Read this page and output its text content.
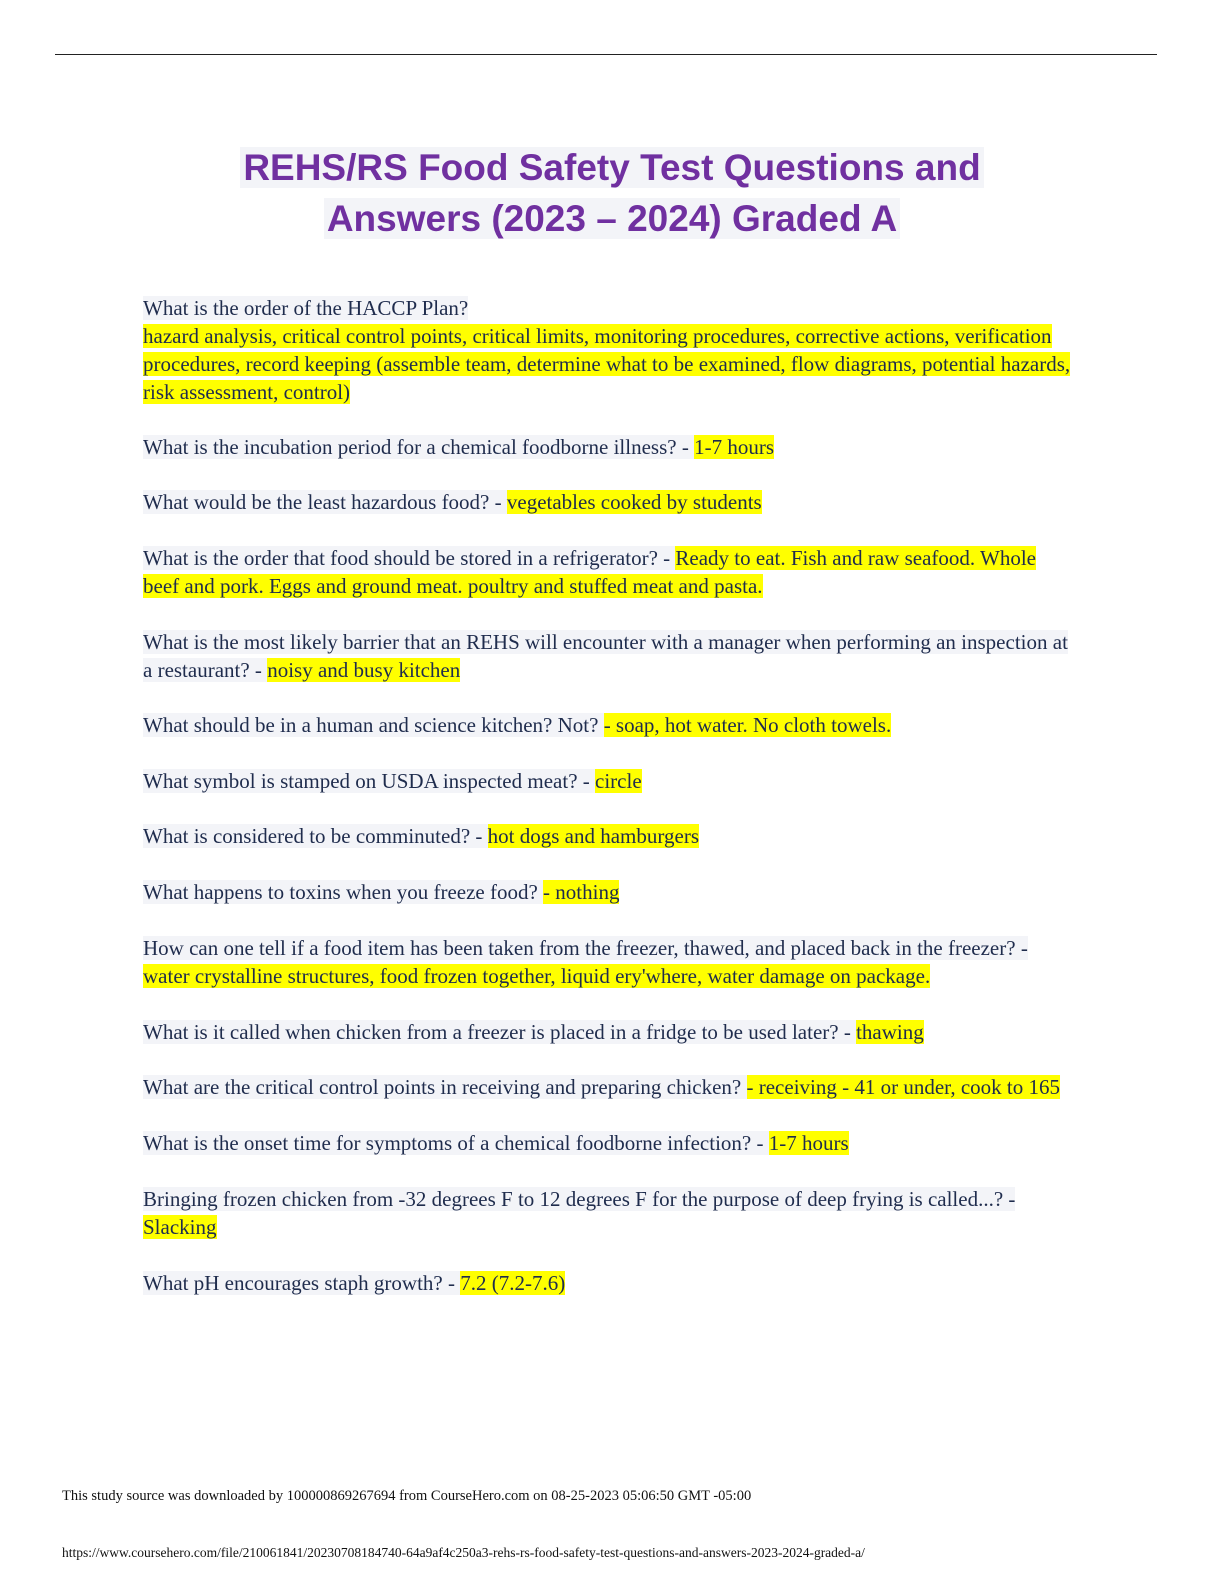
REHS/RS Food Safety Test Questions and
Answers (2023 – 2024) Graded A

What is the order of the HACCP Plan?
hazard analysis, critical control points, critical limits, monitoring procedures, corrective actions, verification procedures, record keeping (assemble team, determine what to be examined, flow diagrams, potential hazards, risk assessment, control)

What is the incubation period for a chemical foodborne illness? - 1-7 hours

What would be the least hazardous food? - vegetables cooked by students

What is the order that food should be stored in a refrigerator? - Ready to eat. Fish and raw seafood. Whole beef and pork. Eggs and ground meat. poultry and stuffed meat and pasta.

What is the most likely barrier that an REHS will encounter with a manager when performing an inspection at a restaurant? - noisy and busy kitchen

What should be in a human and science kitchen? Not? - soap, hot water. No cloth towels.

What symbol is stamped on USDA inspected meat? - circle

What is considered to be comminuted? - hot dogs and hamburgers

What happens to toxins when you freeze food? - nothing

How can one tell if a food item has been taken from the freezer, thawed, and placed back in the freezer? - water crystalline structures, food frozen together, liquid ery'where, water damage on package.

What is it called when chicken from a freezer is placed in a fridge to be used later? - thawing

What are the critical control points in receiving and preparing chicken? - receiving - 41 or under, cook to 165

What is the onset time for symptoms of a chemical foodborne infection? - 1-7 hours

Bringing frozen chicken from -32 degrees F to 12 degrees F for the purpose of deep frying is called...? - Slacking

What pH encourages staph growth? - 7.2 (7.2-7.6)

This study source was downloaded by 100000869267694 from CourseHero.com on 08-25-2023 05:06:50 GMT -05:00
https://www.coursehero.com/file/210061841/20230708184740-64a9af4c250a3-rehs-rs-food-safety-test-questions-and-answers-2023-2024-graded-a/
